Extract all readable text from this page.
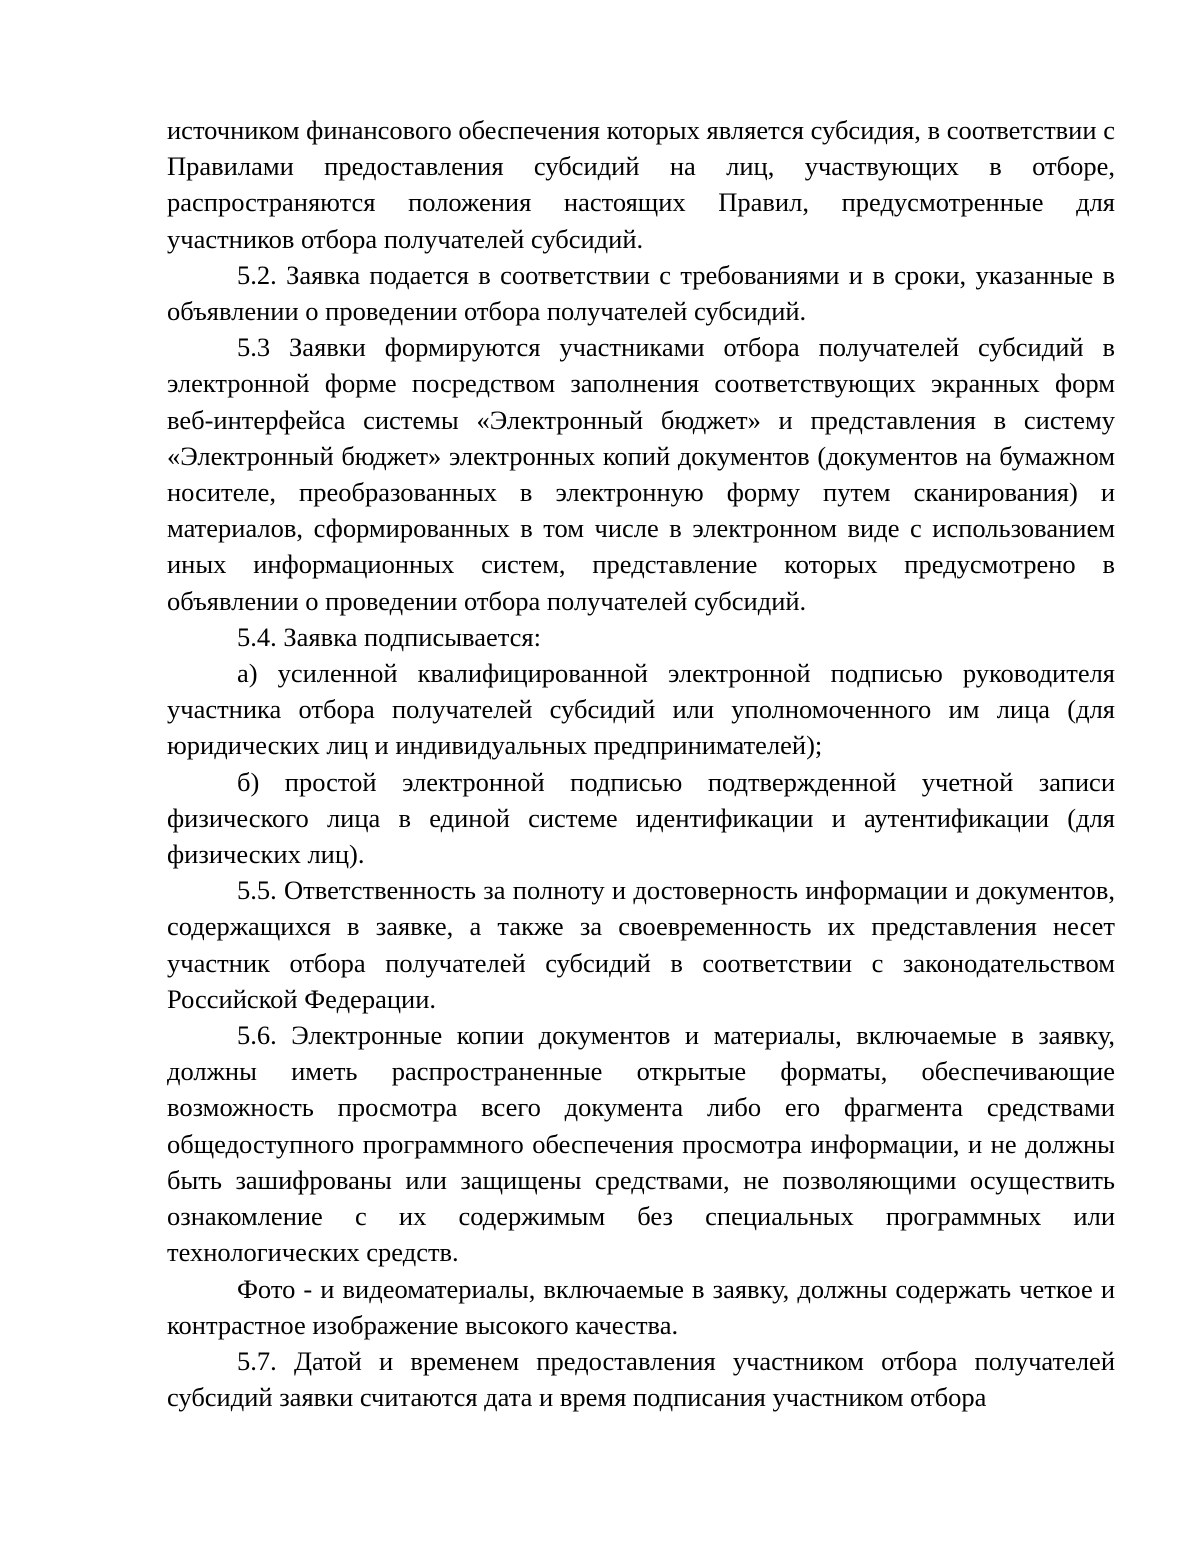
источником финансового обеспечения которых является субсидия, в соответствии с Правилами предоставления субсидий на лиц, участвующих в отборе, распространяются положения настоящих Правил, предусмотренные для участников отбора получателей субсидий.

5.2. Заявка подается в соответствии с требованиями и в сроки, указанные в объявлении о проведении отбора получателей субсидий.

5.3 Заявки формируются участниками отбора получателей субсидий в электронной форме посредством заполнения соответствующих экранных форм веб-интерфейса системы «Электронный бюджет» и представления в систему «Электронный бюджет» электронных копий документов (документов на бумажном носителе, преобразованных в электронную форму путем сканирования) и материалов, сформированных в том числе в электронном виде с использованием иных информационных систем, представление которых предусмотрено в объявлении о проведении отбора получателей субсидий.

5.4. Заявка подписывается:

а) усиленной квалифицированной электронной подписью руководителя участника отбора получателей субсидий или уполномоченного им лица (для юридических лиц и индивидуальных предпринимателей);

б) простой электронной подписью подтвержденной учетной записи физического лица в единой системе идентификации и аутентификации (для физических лиц).

5.5. Ответственность за полноту и достоверность информации и документов, содержащихся в заявке, а также за своевременность их представления несет участник отбора получателей субсидий в соответствии с законодательством Российской Федерации.

5.6. Электронные копии документов и материалы, включаемые в заявку, должны иметь распространенные открытые форматы, обеспечивающие возможность просмотра всего документа либо его фрагмента средствами общедоступного программного обеспечения просмотра информации, и не должны быть зашифрованы или защищены средствами, не позволяющими осуществить ознакомление с их содержимым без специальных программных или технологических средств.

Фото - и видеоматериалы, включаемые в заявку, должны содержать четкое и контрастное изображение высокого качества.

5.7. Датой и временем предоставления участником отбора получателей субсидий заявки считаются дата и время подписания участником отбора
